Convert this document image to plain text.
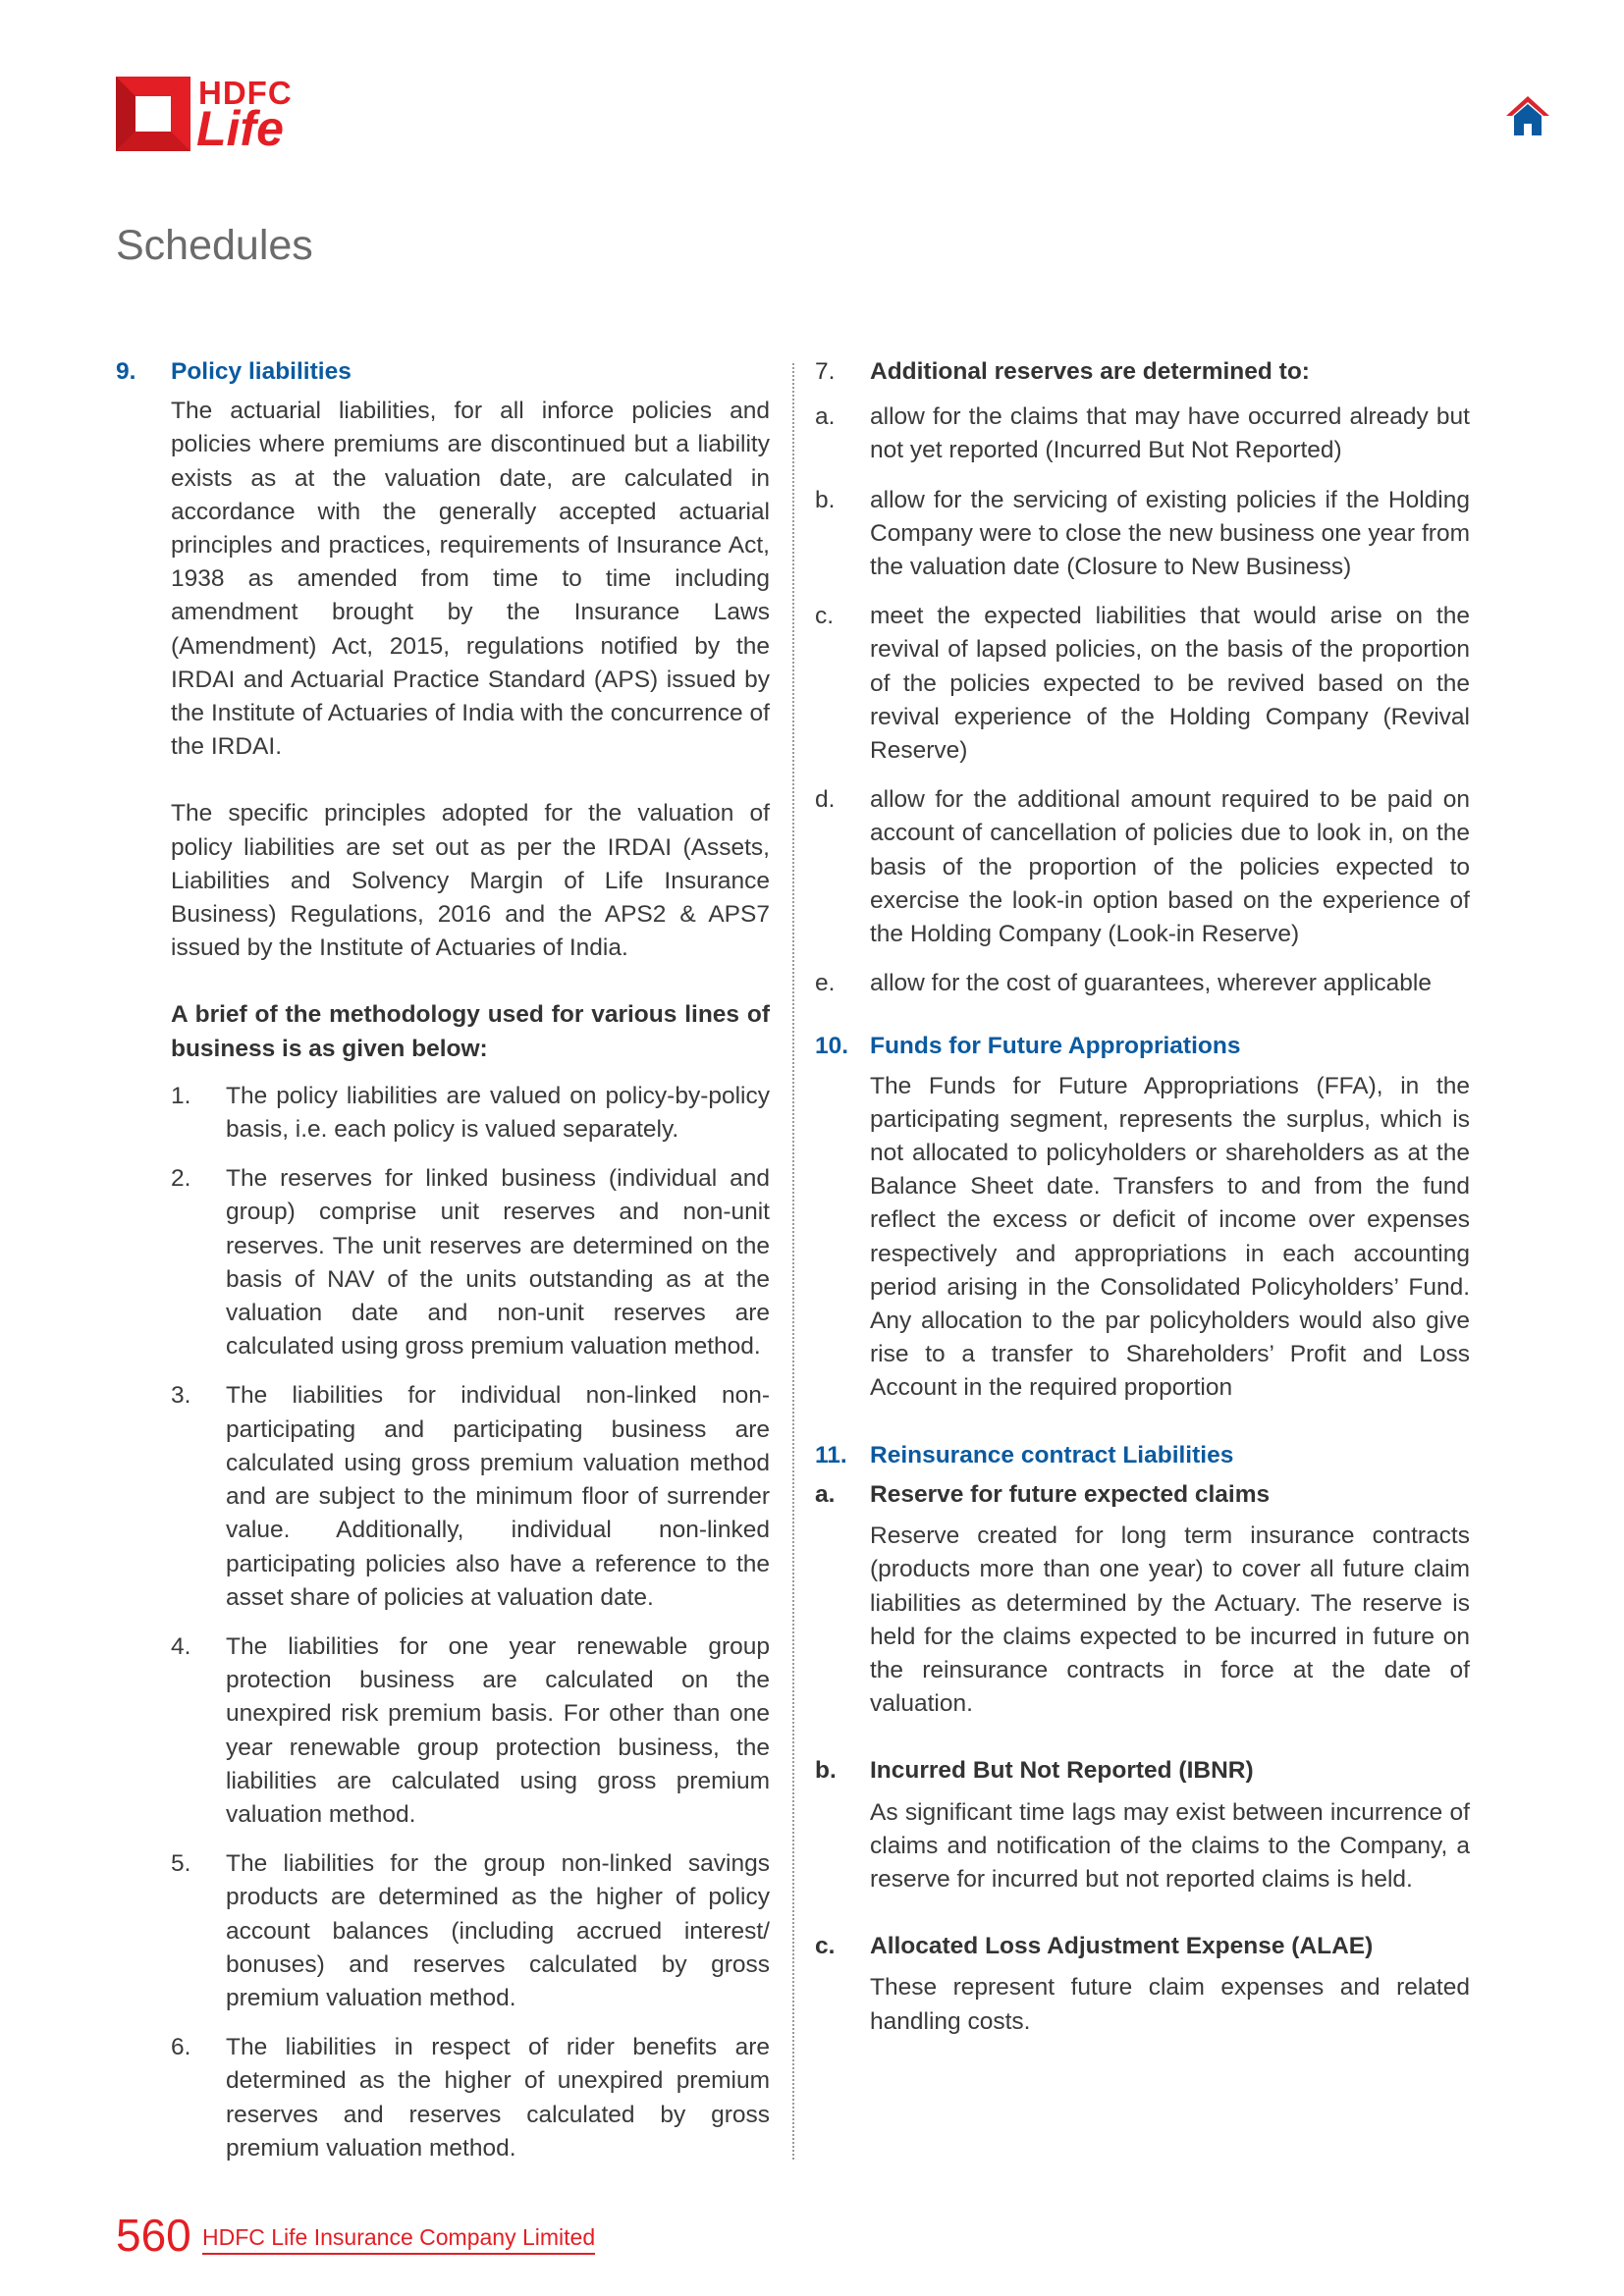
HDFC
Life
Schedules
9. Policy liabilities

The actuarial liabilities, for all inforce policies and policies where premiums are discontinued but a liability exists as at the valuation date, are calculated in accordance with the generally accepted actuarial principles and practices, requirements of Insurance Act, 1938 as amended from time to time including amendment brought by the Insurance Laws (Amendment) Act, 2015, regulations notified by the IRDAI and Actuarial Practice Standard (APS) issued by the Institute of Actuaries of India with the concurrence of the IRDAI.

The specific principles adopted for the valuation of policy liabilities are set out as per the IRDAI (Assets, Liabilities and Solvency Margin of Life Insurance Business) Regulations, 2016 and the APS2 & APS7 issued by the Institute of Actuaries of India.

A brief of the methodology used for various lines of business is as given below:

1. The policy liabilities are valued on policy-by-policy basis, i.e. each policy is valued separately.

2. The reserves for linked business (individual and group) comprise unit reserves and non-unit reserves. The unit reserves are determined on the basis of NAV of the units outstanding as at the valuation date and non-unit reserves are calculated using gross premium valuation method.

3. The liabilities for individual non-linked non-participating and participating business are calculated using gross premium valuation method and are subject to the minimum floor of surrender value. Additionally, individual non-linked participating policies also have a reference to the asset share of policies at valuation date.

4. The liabilities for one year renewable group protection business are calculated on the unexpired risk premium basis. For other than one year renewable group protection business, the liabilities are calculated using gross premium valuation method.

5. The liabilities for the group non-linked savings products are determined as the higher of policy account balances (including accrued interest/ bonuses) and reserves calculated by gross premium valuation method.

6. The liabilities in respect of rider benefits are determined as the higher of unexpired premium reserves and reserves calculated by gross premium valuation method.

7. Additional reserves are determined to:

a. allow for the claims that may have occurred already but not yet reported (Incurred But Not Reported)

b. allow for the servicing of existing policies if the Holding Company were to close the new business one year from the valuation date (Closure to New Business)

c. meet the expected liabilities that would arise on the revival of lapsed policies, on the basis of the proportion of the policies expected to be revived based on the revival experience of the Holding Company (Revival Reserve)

d. allow for the additional amount required to be paid on account of cancellation of policies due to look in, on the basis of the proportion of the policies expected to exercise the look-in option based on the experience of the Holding Company (Look-in Reserve)

e. allow for the cost of guarantees, wherever applicable

10. Funds for Future Appropriations

The Funds for Future Appropriations (FFA), in the participating segment, represents the surplus, which is not allocated to policyholders or shareholders as at the Balance Sheet date. Transfers to and from the fund reflect the excess or deficit of income over expenses respectively and appropriations in each accounting period arising in the Consolidated Policyholders’ Fund. Any allocation to the par policyholders would also give rise to a transfer to Shareholders’ Profit and Loss Account in the required proportion

11. Reinsurance contract Liabilities
a. Reserve for future expected claims

Reserve created for long term insurance contracts (products more than one year) to cover all future claim liabilities as determined by the Actuary. The reserve is held for the claims expected to be incurred in future on the reinsurance contracts in force at the date of valuation.

b. Incurred But Not Reported (IBNR)

As significant time lags may exist between incurrence of claims and notification of the claims to the Company, a reserve for incurred but not reported claims is held.

c. Allocated Loss Adjustment Expense (ALAE)

These represent future claim expenses and related handling costs.

560 HDFC Life Insurance Company Limited
